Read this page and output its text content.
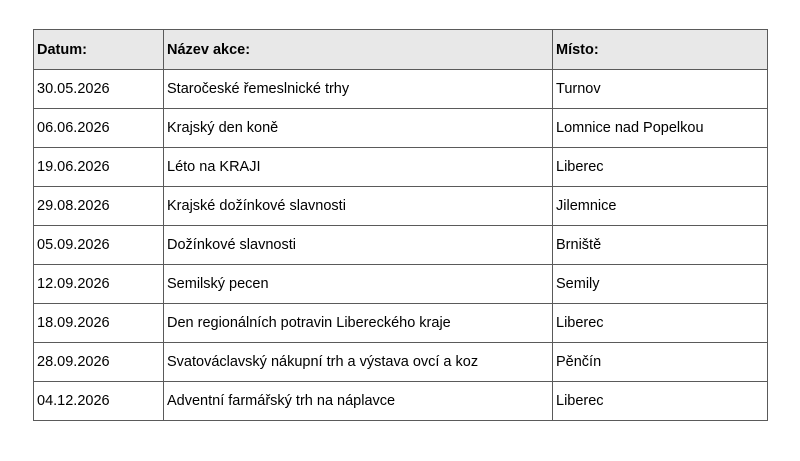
Datum:	Název akce:	Místo:
30.05.2026	Staročeské řemeslnické trhy	Turnov
06.06.2026	Krajský den koně	Lomnice nad Popelkou
19.06.2026	Léto na KRAJI	Liberec
29.08.2026	Krajské dožínkové slavnosti	Jilemnice
05.09.2026	Dožínkové slavnosti	Brniště
12.09.2026	Semilský pecen	Semily
18.09.2026	Den regionálních potravin Libereckého kraje	Liberec
28.09.2026	Svatováclavský nákupní trh a výstava ovcí a koz	Pěnčín
04.12.2026	Adventní farmářský trh na náplavce	Liberec
